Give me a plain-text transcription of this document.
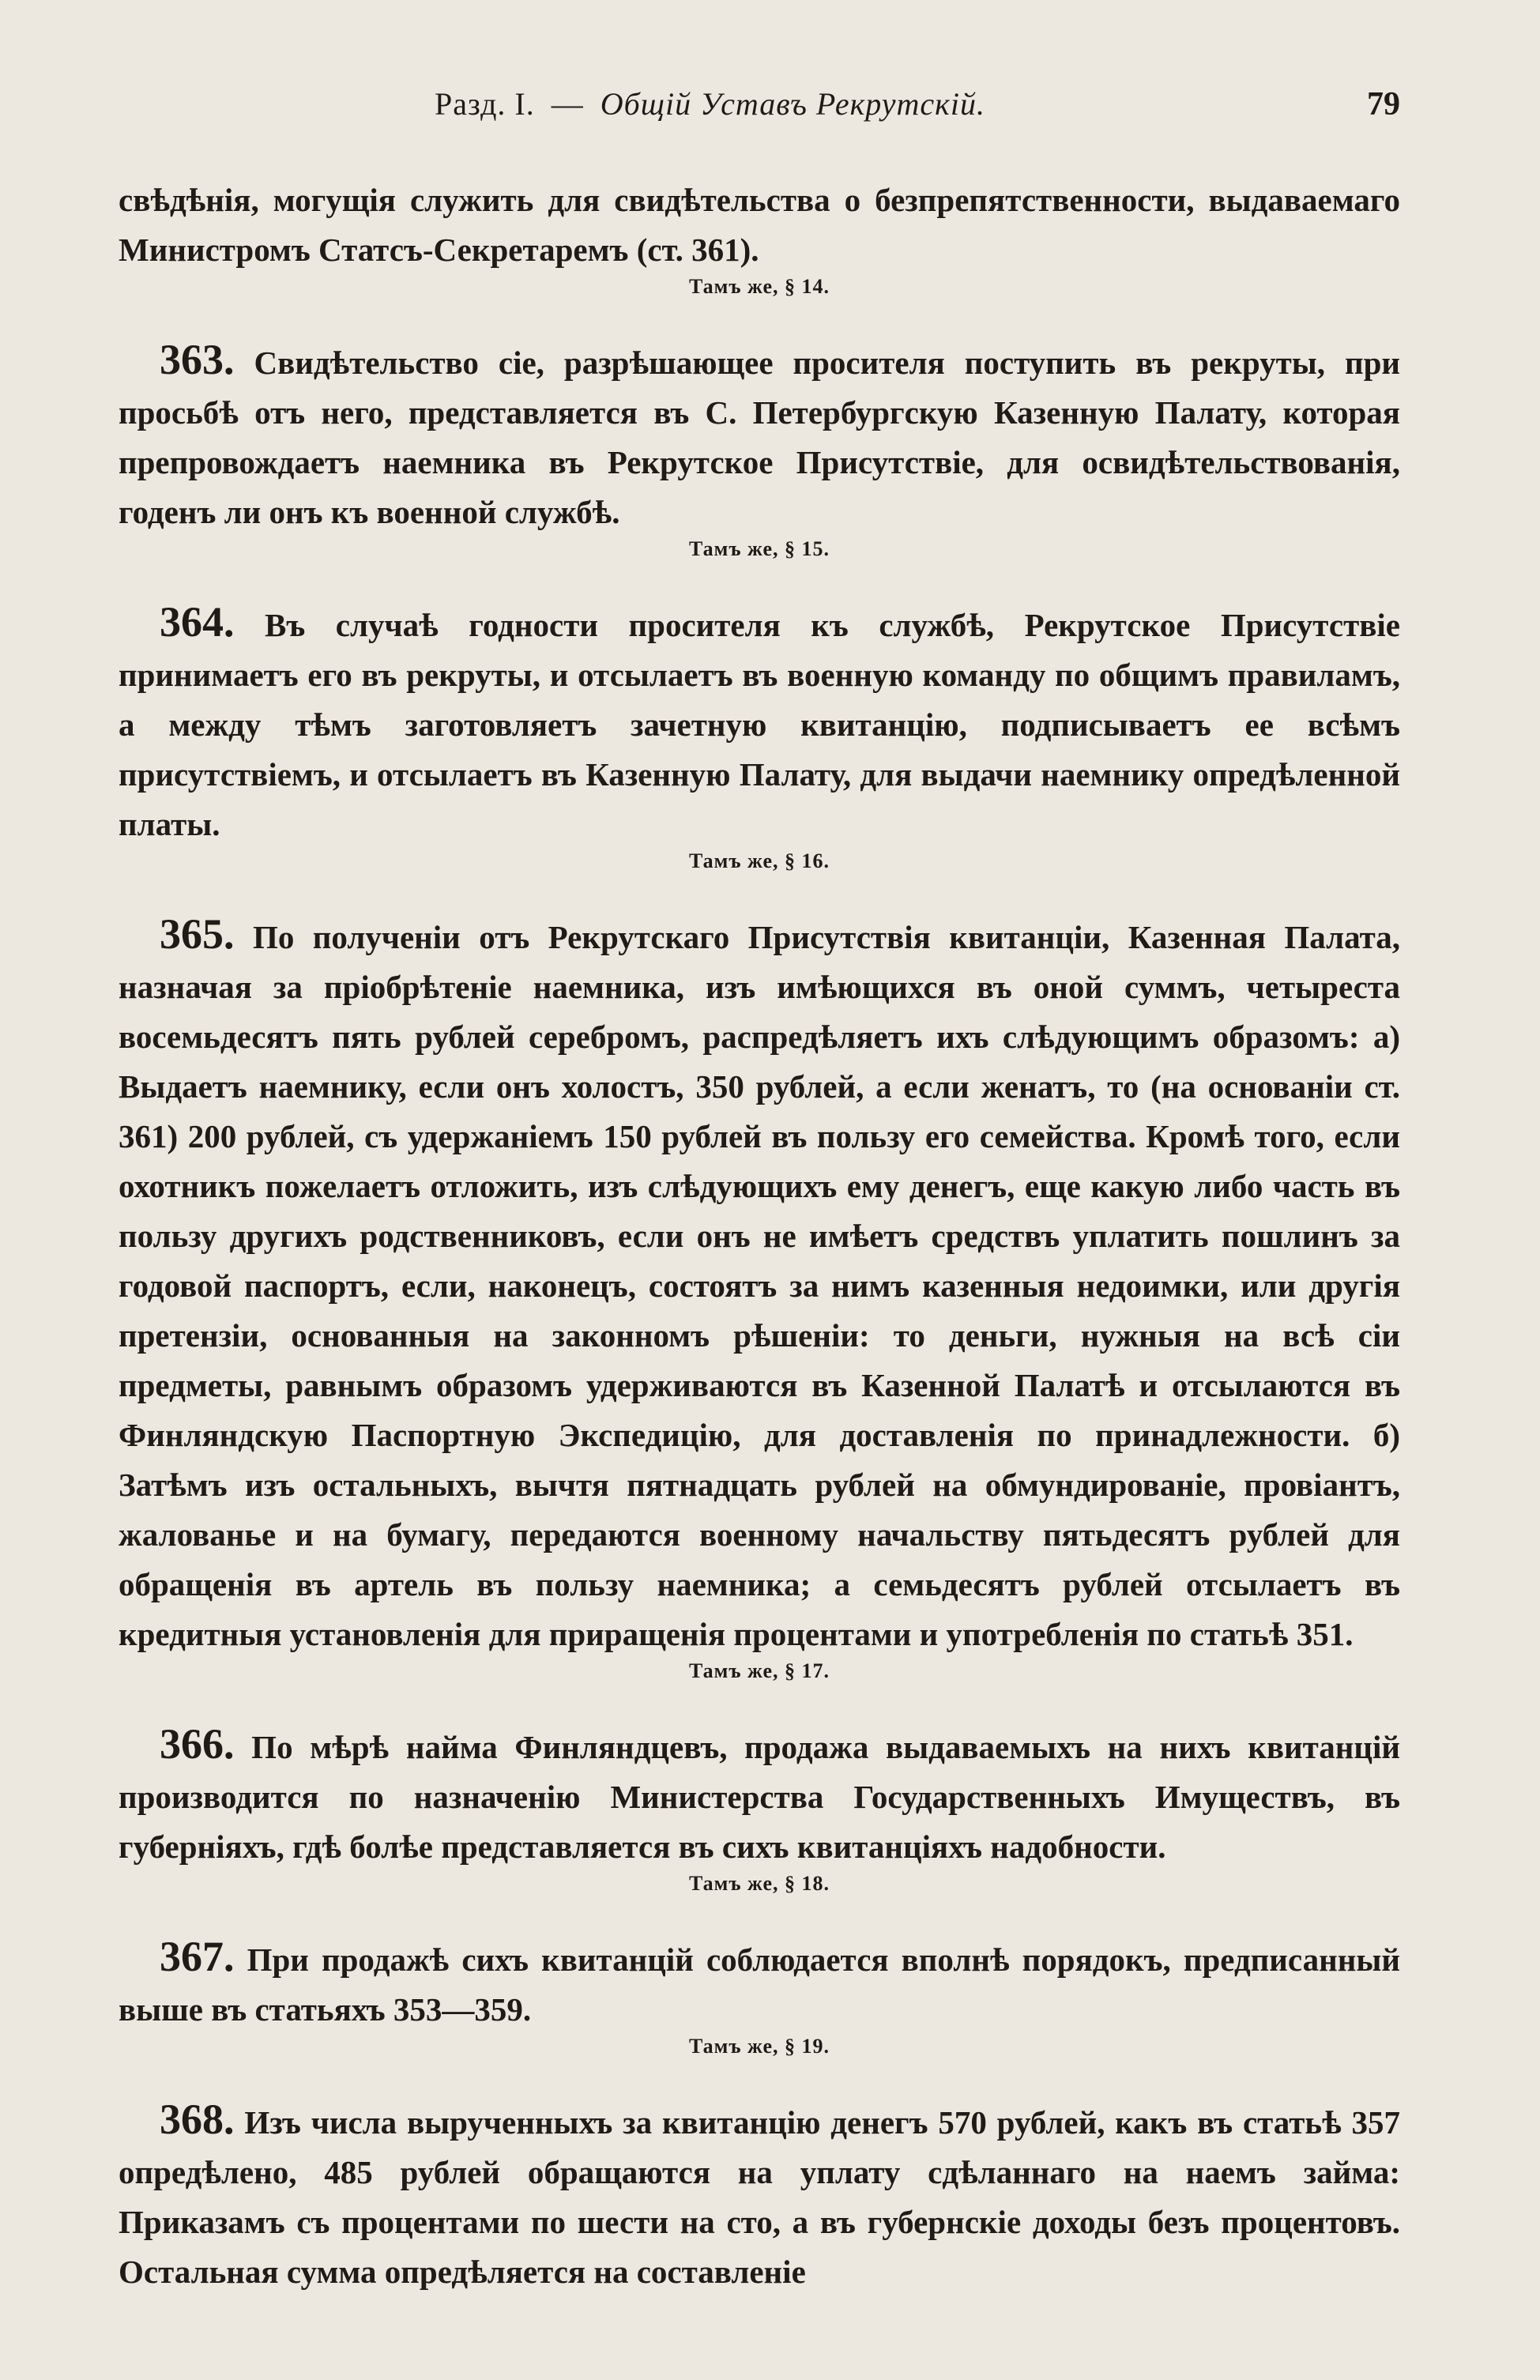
Разд. I. — Общій Уставъ Рекрутскій.	79

свѣдѣнія, могущія служить для свидѣтельства о безпрепятственности, выдаваемаго Министромъ Статсъ-Секретаремъ (ст. 361).

Тамъ же, § 14.

363. Свидѣтельство сіе, разрѣшающее просителя поступить въ рекруты, при просьбѣ отъ него, представляется въ С. Петербургскую Казенную Палату, которая препровождаетъ наемника въ Рекрутское Присутствіе, для освидѣтельствованія, годенъ ли онъ къ военной службѣ.

Тамъ же, § 15.

364. Въ случаѣ годности просителя къ службѣ, Рекрутское Присутствіе принимаетъ его въ рекруты, и отсылаетъ въ военную команду по общимъ правиламъ, а между тѣмъ заготовляетъ зачетную квитанцію, подписываетъ ее всѣмъ присутствіемъ, и отсылаетъ въ Казенную Палату, для выдачи наемнику опредѣленной платы.

Тамъ же, § 16.

365. По полученіи отъ Рекрутскаго Присутствія квитанціи, Казенная Палата, назначая за пріобрѣтеніе наемника, изъ имѣющихся въ оной суммъ, четыреста восемьдесятъ пять рублей серебромъ, распредѣляетъ ихъ слѣдующимъ образомъ: а) Выдаетъ наемнику, если онъ холостъ, 350 рублей, а если женатъ, то (на основаніи ст. 361) 200 рублей, съ удержаніемъ 150 рублей въ пользу его семейства. Кромѣ того, если охотникъ пожелаетъ отложить, изъ слѣдующихъ ему денегъ, еще какую либо часть въ пользу другихъ родственниковъ, если онъ не имѣетъ средствъ уплатить пошлинъ за годовой паспортъ, если, наконецъ, состоятъ за нимъ казенныя недоимки, или другія претензіи, основанныя на законномъ рѣшеніи: то деньги, нужныя на всѣ сіи предметы, равнымъ образомъ удерживаются въ Казенной Палатѣ и отсылаются въ Финляндскую Паспортную Экспедицію, для доставленія по принадлежности. б) Затѣмъ изъ остальныхъ, вычтя пятнадцать рублей на обмундированіе, провіантъ, жалованье и на бумагу, передаются военному начальству пятьдесятъ рублей для обращенія въ артель въ пользу наемника; а семьдесятъ рублей отсылаетъ въ кредитныя установленія для приращенія процентами и употребленія по статьѣ 351.

Тамъ же, § 17.

366. По мѣрѣ найма Финляндцевъ, продажа выдаваемыхъ на нихъ квитанцій производится по назначенію Министерства Государственныхъ Имуществъ, въ губерніяхъ, гдѣ болѣе представляется въ сихъ квитанціяхъ надобности.

Тамъ же, § 18.

367. При продажѣ сихъ квитанцій соблюдается вполнѣ порядокъ, предписанный выше въ статьяхъ 353—359.

Тамъ же, § 19.

368. Изъ числа вырученныхъ за квитанцію денегъ 570 рублей, какъ въ статьѣ 357 опредѣлено, 485 рублей обращаются на уплату сдѣланнаго на наемъ займа: Приказамъ съ процентами по шести на сто, а въ губернскіе доходы безъ процентовъ. Остальная сумма опредѣляется на составленіе
